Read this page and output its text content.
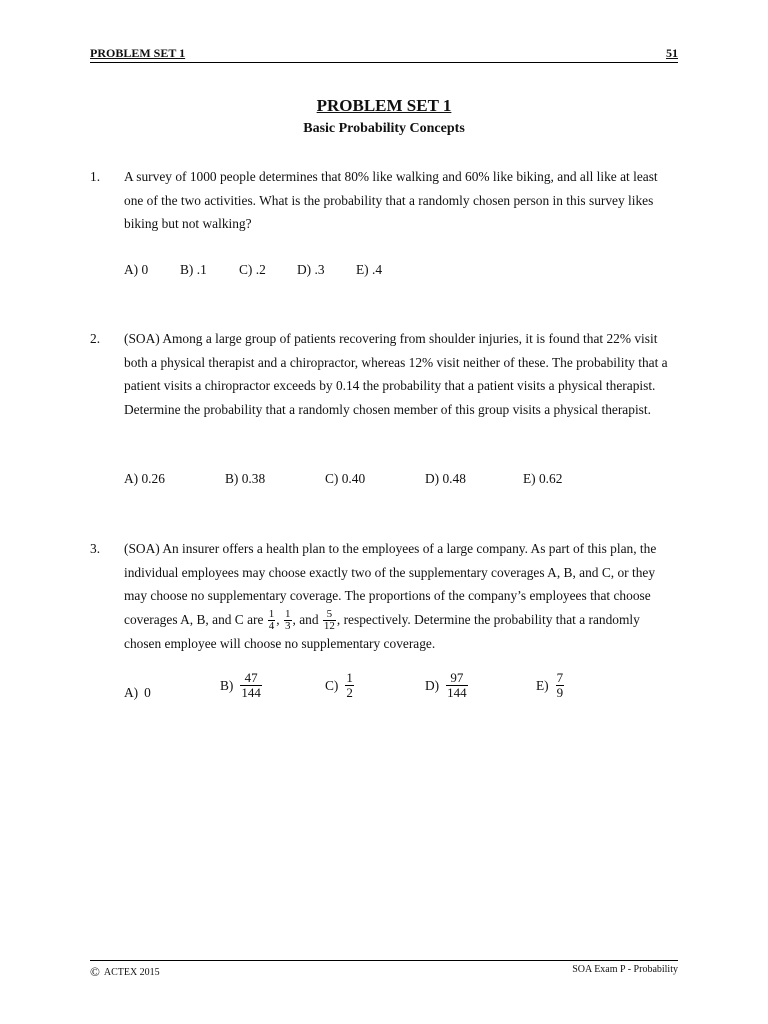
PROBLEM SET 1	51
PROBLEM SET 1
Basic Probability Concepts
1. A survey of 1000 people determines that 80% like walking and 60% like biking, and all like at least one of the two activities. What is the probability that a randomly chosen person in this survey likes biking but not walking?
A) 0 B) .1 C) .2 D) .3 E) .4
2. (SOA) Among a large group of patients recovering from shoulder injuries, it is found that 22% visit both a physical therapist and a chiropractor, whereas 12% visit neither of these. The probability that a patient visits a chiropractor exceeds by 0.14 the probability that a patient visits a physical therapist. Determine the probability that a randomly chosen member of this group visits a physical therapist.
A) 0.26	B) 0.38	C) 0.40	D) 0.48	E) 0.62
3. (SOA) An insurer offers a health plan to the employees of a large company. As part of this plan, the individual employees may choose exactly two of the supplementary coverages A, B, and C, or they may choose no supplementary coverage. The proportions of the company’s employees that choose coverages A, B, and C are $\frac{1}{4}$ , $\frac{1}{3}$ , and $\frac{5}{12}$ , respectively. Determine the probability that a randomly chosen employee will choose no supplementary coverage.
A) 0	$B) \frac{47}{144}$	$C) \frac{1}{2}$	$D) \frac{97}{144}$	$E) \frac{7}{9}$
© ACTEX 2015	SOA Exam P - Probability
